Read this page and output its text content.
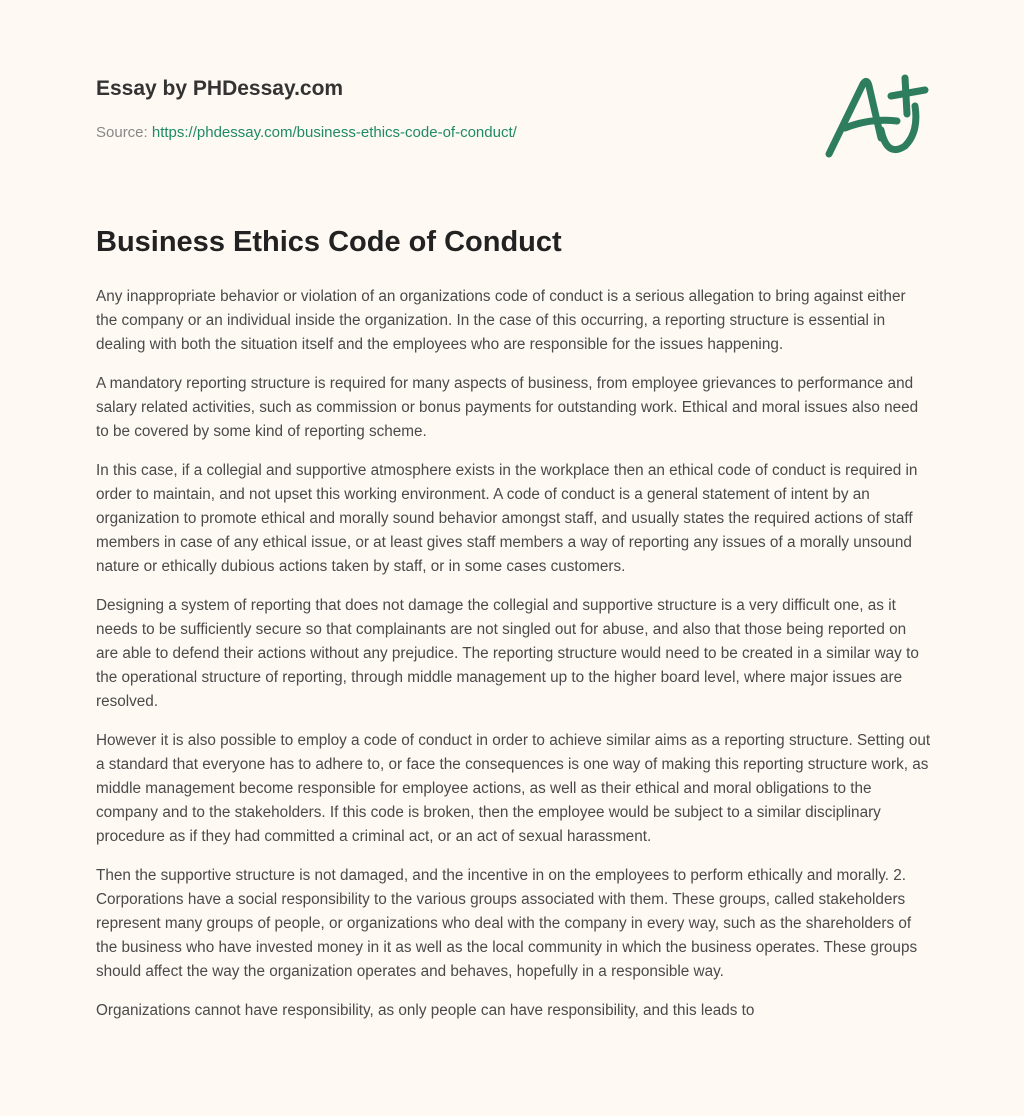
Essay by PHDessay.com
Source: https://phdessay.com/business-ethics-code-of-conduct/
Business Ethics Code of Conduct

Any inappropriate behavior or violation of an organizations code of conduct is a serious allegation to bring against either the company or an individual inside the organization. In the case of this occurring, a reporting structure is essential in dealing with both the situation itself and the employees who are responsible for the issues happening.

A mandatory reporting structure is required for many aspects of business, from employee grievances to performance and salary related activities, such as commission or bonus payments for outstanding work. Ethical and moral issues also need to be covered by some kind of reporting scheme.

In this case, if a collegial and supportive atmosphere exists in the workplace then an ethical code of conduct is required in order to maintain, and not upset this working environment. A code of conduct is a general statement of intent by an organization to promote ethical and morally sound behavior amongst staff, and usually states the required actions of staff members in case of any ethical issue, or at least gives staff members a way of reporting any issues of a morally unsound nature or ethically dubious actions taken by staff, or in some cases customers.

Designing a system of reporting that does not damage the collegial and supportive structure is a very difficult one, as it needs to be sufficiently secure so that complainants are not singled out for abuse, and also that those being reported on are able to defend their actions without any prejudice. The reporting structure would need to be created in a similar way to the operational structure of reporting, through middle management up to the higher board level, where major issues are resolved.

However it is also possible to employ a code of conduct in order to achieve similar aims as a reporting structure. Setting out a standard that everyone has to adhere to, or face the consequences is one way of making this reporting structure work, as middle management become responsible for employee actions, as well as their ethical and moral obligations to the company and to the stakeholders. If this code is broken, then the employee would be subject to a similar disciplinary procedure as if they had committed a criminal act, or an act of sexual harassment.

Then the supportive structure is not damaged, and the incentive in on the employees to perform ethically and morally. 2. Corporations have a social responsibility to the various groups associated with them. These groups, called stakeholders represent many groups of people, or organizations who deal with the company in every way, such as the shareholders of the business who have invested money in it as well as the local community in which the business operates. These groups should affect the way the organization operates and behaves, hopefully in a responsible way.

Organizations cannot have responsibility, as only people can have responsibility, and this leads to
